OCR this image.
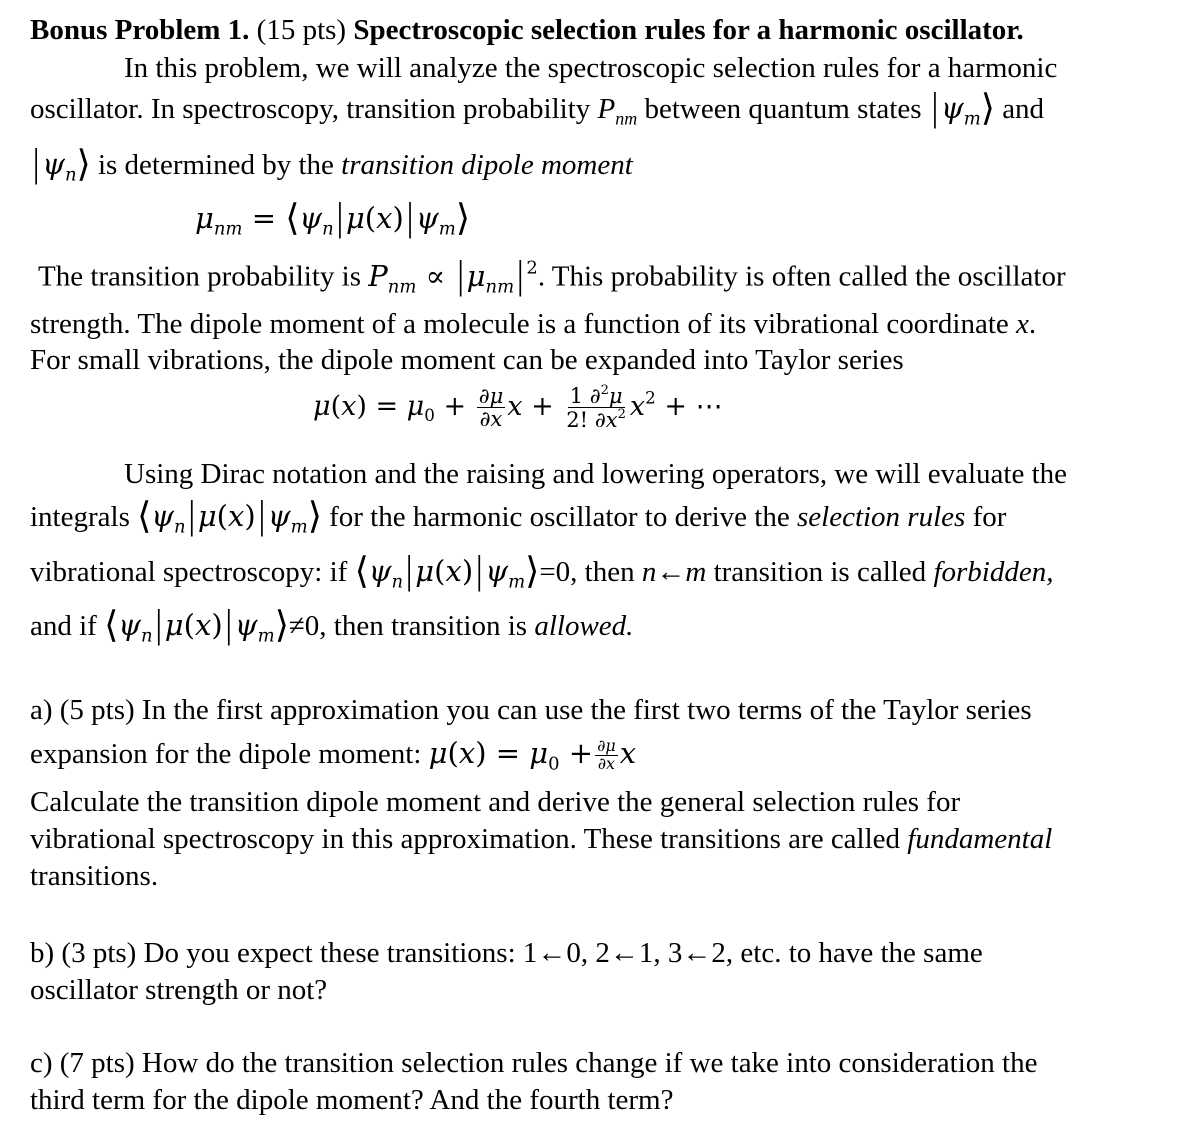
Bonus Problem 1. (15 pts) Spectroscopic selection rules for a harmonic oscillator.
In this problem, we will analyze the spectroscopic selection rules for a harmonic
oscillator. In spectroscopy, transition probability $P_{nm}$ between quantum states $|\psi_m⟩$ and
$|\psi_n⟩$ is determined by the transition dipole moment
$\mu_{nm}$ = $⟨\psi_n|\mu(x)|\psi_m⟩$
The transition probability is $P_{nm} \propto |\mu_{nm}|^2$. This probability is often called the oscillator
strength. The dipole moment of a molecule is a function of its vibrational coordinate x.
For small vibrations, the dipole moment can be expanded into Taylor series
$\mu(x) = \mu_0 + \frac{\partial\mu}{\partial x}$ $x + \frac{1 \partial^2\mu}{2! \partial x^2} x^2$ + ⋯
Using Dirac notation and the raising and lowering operators, we will evaluate the
integrals $⟨\psi_n|\mu(x)|\psi_m⟩$ for the harmonic oscillator to derive the selection rules for
vibrational spectroscopy: if $⟨\psi_n|\mu(x)|\psi_m⟩=0$, then n←m transition is called forbidden,
and if $⟨\psi_n|\mu(x)|\psi_m⟩\ne 0$, then transition is allowed.
a) (5 pts) In the first approximation you can use the first two terms of the Taylor series
expansion for the dipole moment: $\mu(x) = \mu_0 + \frac{\partial\mu}{\partial x}$ x
Calculate the transition dipole moment and derive the general selection rules for
vibrational spectroscopy in this approximation. These transitions are called fundamental
transitions.
b) (3 pts) Do you expect these transitions: 1←0, 2←1, 3←2, etc. to have the same
oscillator strength or not?
c) (7 pts) How do the transition selection rules change if we take into consideration the
third term for the dipole moment? And the fourth term?
